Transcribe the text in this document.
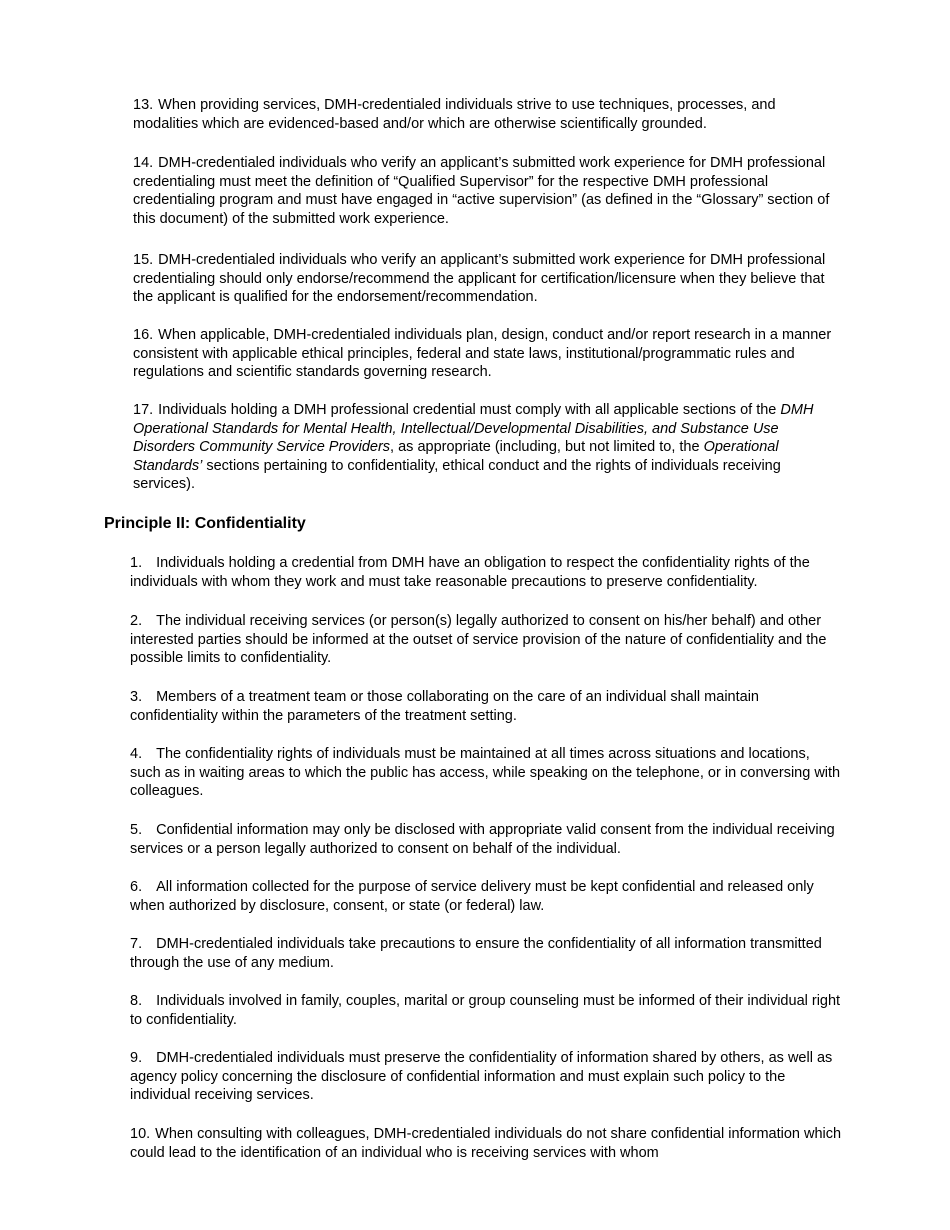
13. When providing services, DMH-credentialed individuals strive to use techniques, processes, and modalities which are evidenced-based and/or which are otherwise scientifically grounded.

14. DMH-credentialed individuals who verify an applicant’s submitted work experience for DMH professional credentialing must meet the definition of “Qualified Supervisor” for the respective DMH professional credentialing program and must have engaged in “active supervision” (as defined in the “Glossary” section of this document) of the submitted work experience.

15. DMH-credentialed individuals who verify an applicant’s submitted work experience for DMH professional credentialing should only endorse/recommend the applicant for certification/licensure when they believe that the applicant is qualified for the endorsement/recommendation.

16. When applicable, DMH-credentialed individuals plan, design, conduct and/or report research in a manner consistent with applicable ethical principles, federal and state laws, institutional/programmatic rules and regulations and scientific standards governing research.

17. Individuals holding a DMH professional credential must comply with all applicable sections of the DMH Operational Standards for Mental Health, Intellectual/Developmental Disabilities, and Substance Use Disorders Community Service Providers, as appropriate (including, but not limited to, the Operational Standards’ sections pertaining to confidentiality, ethical conduct and the rights of individuals receiving services).

Principle II: Confidentiality

1. Individuals holding a credential from DMH have an obligation to respect the confidentiality rights of the individuals with whom they work and must take reasonable precautions to preserve confidentiality.

2. The individual receiving services (or person(s) legally authorized to consent on his/her behalf) and other interested parties should be informed at the outset of service provision of the nature of confidentiality and the possible limits to confidentiality.

3. Members of a treatment team or those collaborating on the care of an individual shall maintain confidentiality within the parameters of the treatment setting.

4. The confidentiality rights of individuals must be maintained at all times across situations and locations, such as in waiting areas to which the public has access, while speaking on the telephone, or in conversing with colleagues.

5. Confidential information may only be disclosed with appropriate valid consent from the individual receiving services or a person legally authorized to consent on behalf of the individual.

6. All information collected for the purpose of service delivery must be kept confidential and released only when authorized by disclosure, consent, or state (or federal) law.

7. DMH-credentialed individuals take precautions to ensure the confidentiality of all information transmitted through the use of any medium.

8. Individuals involved in family, couples, marital or group counseling must be informed of their individual right to confidentiality.

9. DMH-credentialed individuals must preserve the confidentiality of information shared by others, as well as agency policy concerning the disclosure of confidential information and must explain such policy to the individual receiving services.

10. When consulting with colleagues, DMH-credentialed individuals do not share confidential information which could lead to the identification of an individual who is receiving services with whom
